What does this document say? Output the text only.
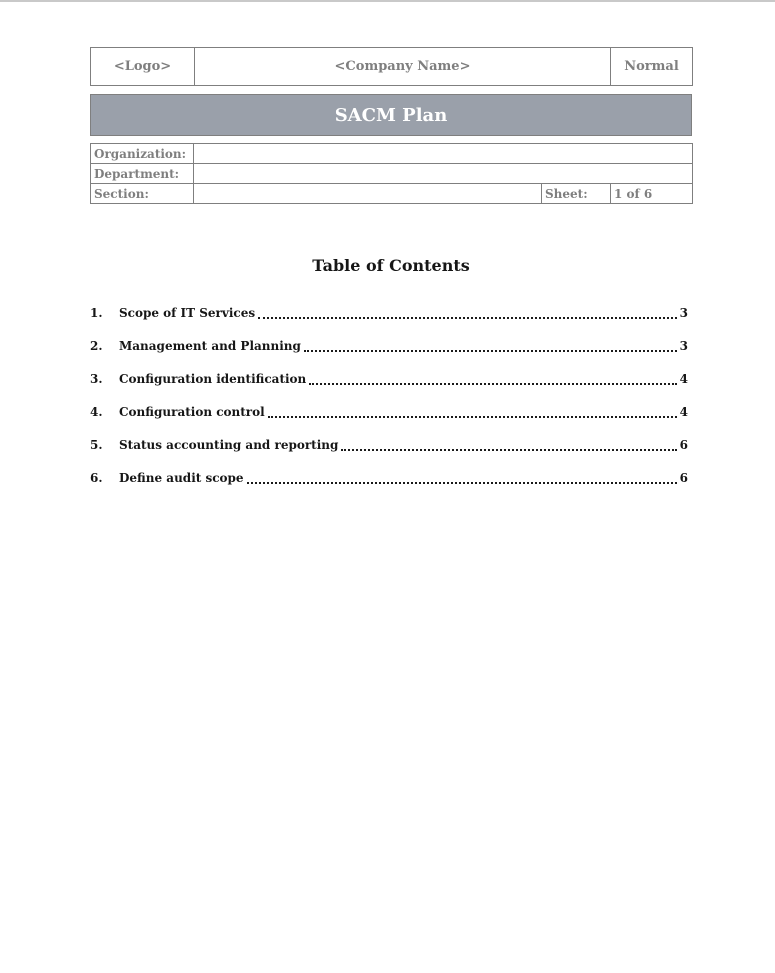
<Logo>	<Company Name>	Normal
SACM Plan
Organization:			
Department:			
Section:		Sheet:	1 of 6
Table of Contents
1.	Scope of IT Services	3
2.	Management and Planning	3
3.	Configuration identification	4
4.	Configuration control	4
5.	Status accounting and reporting	6
6.	Define audit scope	6
